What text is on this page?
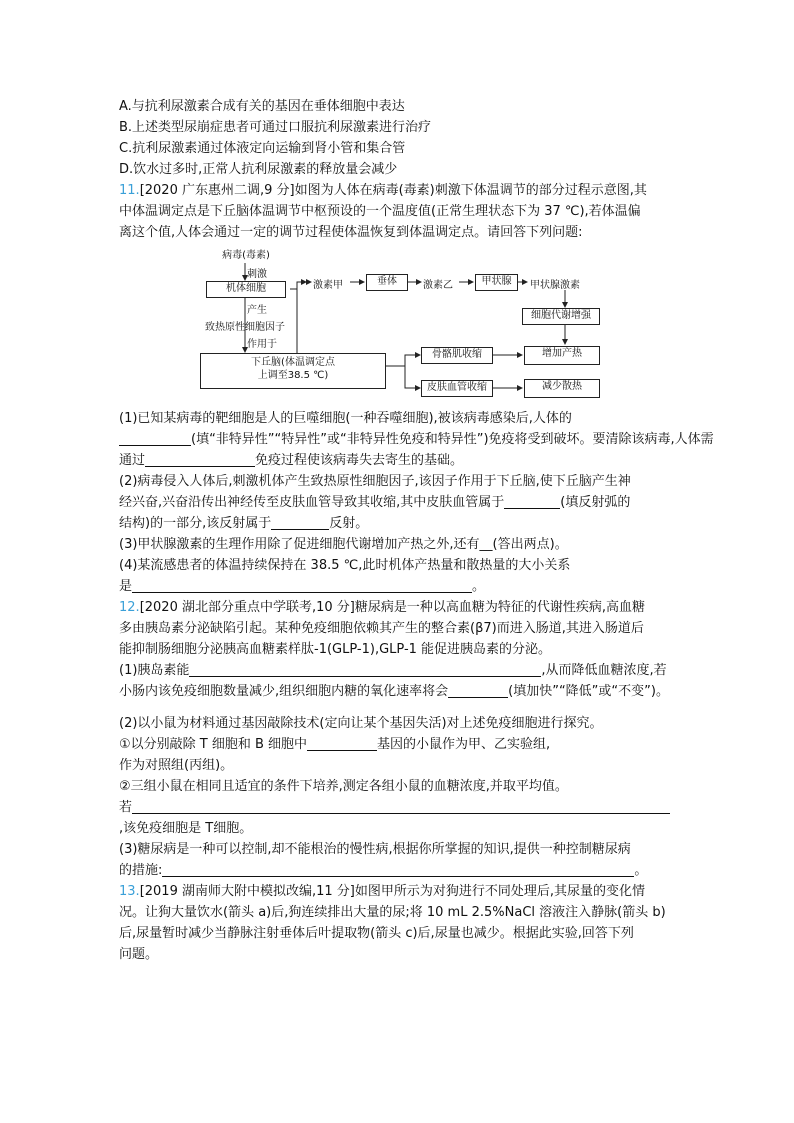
A.与抗利尿激素合成有关的基因在垂体细胞中表达
B.上述类型尿崩症患者可通过口服抗利尿激素进行治疗
C.抗利尿激素通过体液定向运输到肾小管和集合管
D.饮水过多时,正常人抗利尿激素的释放量会减少
11.[2020 广东惠州二调,9 分]如图为人体在病毒(毒素)刺激下体温调节的部分过程示意图,其
中体温调定点是下丘脑体温调节中枢预设的一个温度值(正常生理状态下为 37 ℃),若体温偏
离这个值,人体会通过一定的调节过程使体温恢复到体温调定点。请回答下列问题:
病毒(毒素)
刺激
机体细胞
产生
致热原性细胞因子
作用于
下丘脑(体温调定点
上调至38.5 ℃)
激素甲	垂体	激素乙	甲状腺	甲状腺激素
细胞代谢增强
骨骼肌收缩	增加产热
皮肤血管收缩	减少散热
(1)已知某病毒的靶细胞是人的巨噬细胞(一种吞噬细胞),被该病毒感染后,人体的
(填“非特异性”“特异性”或“非特异性免疫和特异性”)免疫将受到破坏。要清除该病毒,人体需
通过	免疫过程使该病毒失去寄生的基础。
(2)病毒侵入人体后,刺激机体产生致热原性细胞因子,该因子作用于下丘脑,使下丘脑产生神
经兴奋,兴奋沿传出神经传至皮肤血管导致其收缩,其中皮肤血管属于	(填反射弧的
结构)的一部分,该反射属于	反射。
(3)甲状腺激素的生理作用除了促进细胞代谢增加产热之外,还有__(答出两点)。
(4)某流感患者的体温持续保持在 38.5 ℃,此时机体产热量和散热量的大小关系
是	。
12.[2020 湖北部分重点中学联考,10 分]糖尿病是一种以高血糖为特征的代谢性疾病,高血糖
多由胰岛素分泌缺陷引起。某种免疫细胞依赖其产生的整合素(β7)而进入肠道,其进入肠道后
能抑制肠细胞分泌胰高血糖素样肽-1(GLP-1),GLP-1 能促进胰岛素的分泌。
(1)胰岛素能	,从而降低血糖浓度,若
小肠内该免疫细胞数量减少,组织细胞内糖的氧化速率将会	(填加快”“降低”或“不变”)。
(2)以小鼠为材料通过基因敲除技术(定向让某个基因失活)对上述免疫细胞进行探究。
①以分别敲除 T 细胞和 B 细胞中	基因的小鼠作为甲、乙实验组,
作为对照组(丙组)。
②三组小鼠在相同且适宜的条件下培养,测定各组小鼠的血糖浓度,并取平均值。
若
,该免疫细胞是 T细胞。
(3)糖尿病是一种可以控制,却不能根治的慢性病,根据你所掌握的知识,提供一种控制糖尿病
的措施:	。
13.[2019 湖南师大附中模拟改编,11 分]如图甲所示为对狗进行不同处理后,其尿量的变化情
况。让狗大量饮水(箭头 a)后,狗连续排出大量的尿;将 10 mL 2.5%NaCl 溶液注入静脉(箭头 b)
后,尿量暂时减少当静脉注射垂体后叶提取物(箭头 c)后,尿量也减少。根据此实验,回答下列
问题。
